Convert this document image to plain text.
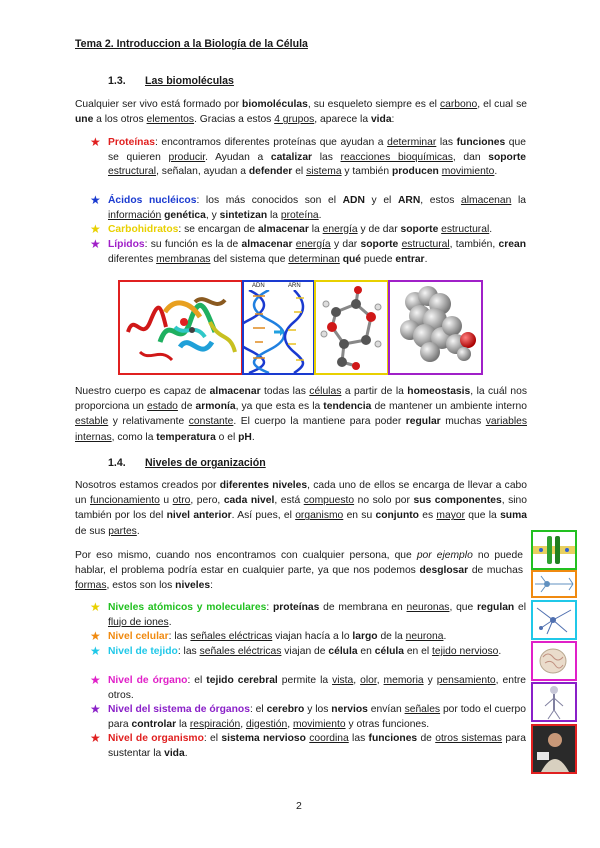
Tema 2. Introduccion a la Biología de la Célula
1.3. Las biomoléculas
Cualquier ser vivo está formado por biomoléculas, su esqueleto siempre es el carbono, el cual se une a los otros elementos. Gracias a estos 4 grupos, aparece la vida:
★ Proteínas: encontramos diferentes proteínas que ayudan a determinar las funciones que se quieren producir. Ayudan a catalizar las reacciones bioquímicas, dan soporte estructural, señalan, ayudan a defender el sistema y también producen movimiento.
★ Ácidos nucléicos: los más conocidos son el ADN y el ARN, estos almacenan la información genética, y sintetizan la proteína.
★ Carbohidratos: se encargan de almacenar la energía y de dar soporte estructural.
★ Lípidos: su función es la de almacenar energía y dar soporte estructural, también, crean diferentes membranas del sistema que determinan qué puede entrar.
ADN	ARN
Nuestro cuerpo es capaz de almacenar todas las células a partir de la homeostasis, la cuál nos proporciona un estado de armonía, ya que esta es la tendencia de mantener un ambiente interno estable y relativamente constante. El cuerpo la mantiene para poder regular muchas variables internas, como la temperatura o el pH.
1.4. Niveles de organización
Nosotros estamos creados por diferentes niveles, cada uno de ellos se encarga de llevar a cabo un funcionamiento u otro, pero, cada nivel, está compuesto no solo por sus componentes, sino también por los del nivel anterior. Así pues, el organismo en su conjunto es mayor que la suma de sus partes.
Por eso mismo, cuando nos encontramos con cualquier persona, que por ejemplo no puede hablar, el problema podría estar en cualquier parte, ya que nos podemos desglosar de muchas formas, estos son los niveles:
★ Niveles atómicos y moleculares: proteínas de membrana en neuronas, que regulan el flujo de iones.
★ Nivel celular: las señales eléctricas viajan hacía a lo largo de la neurona.
★ Nivel de tejido: las señales eléctricas viajan de célula en célula en el tejido nervioso.
★ Nivel de órgano: el tejido cerebral permite la vista, olor, memoria y pensamiento, entre otros.
★ Nivel del sistema de órganos: el cerebro y los nervios envían señales por todo el cuerpo para controlar la respiración, digestión, movimiento y otras funciones.
★ Nivel de organismo: el sistema nervioso coordina las funciones de otros sistemas para sustentar la vida.
2
